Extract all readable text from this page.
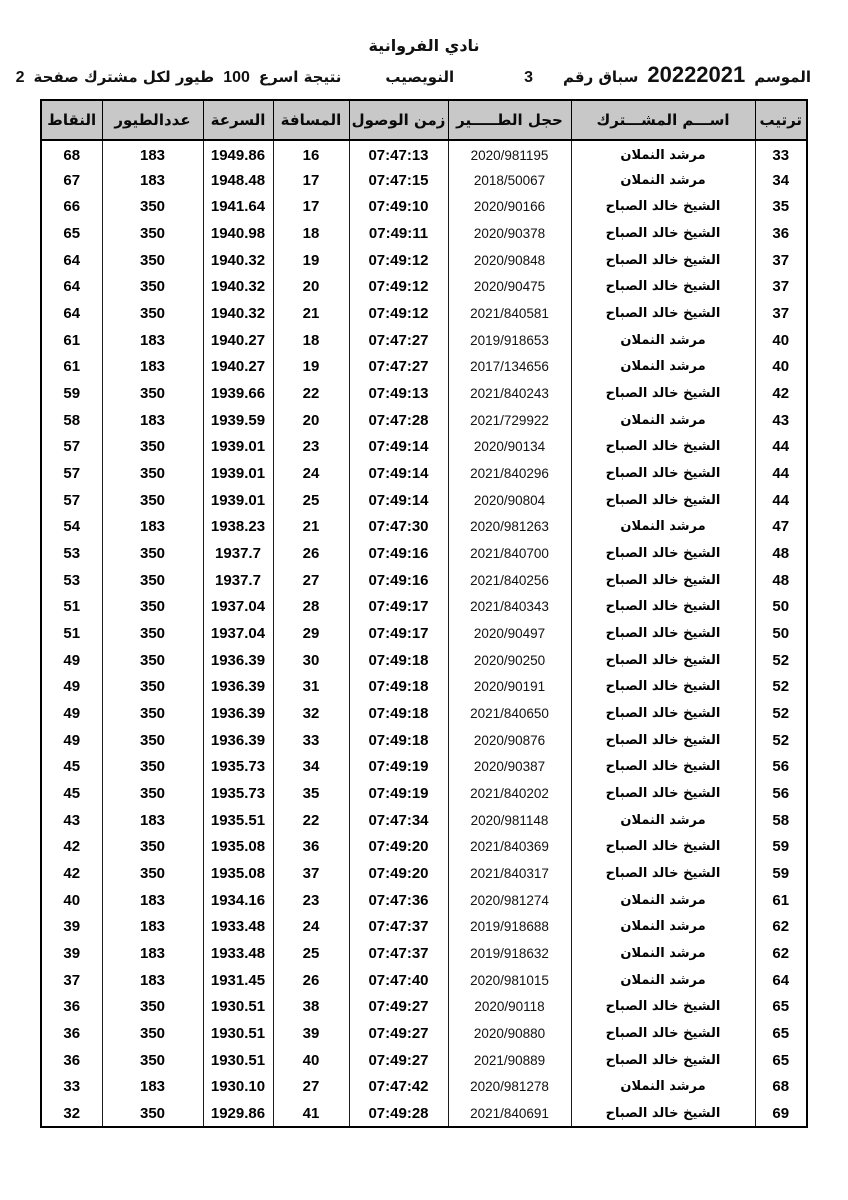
نادي الفروانية
الموسم
20222021
سباق رقم
3
النويصيب
نتيجة اسرع
100
طيور لكل مشترك صفحة
2
ترتيب	اســـم المشـــترك	حجل الطـــــير	زمن الوصول	المسافة	السرعة	عددالطيور	النقاط
33	مرشد النملان	2020/981195	07:47:13	16	1949.86	183	68
34	مرشد النملان	2018/50067	07:47:15	17	1948.48	183	67
35	الشيخ خالد الصباح	2020/90166	07:49:10	17	1941.64	350	66
36	الشيخ خالد الصباح	2020/90378	07:49:11	18	1940.98	350	65
37	الشيخ خالد الصباح	2020/90848	07:49:12	19	1940.32	350	64
37	الشيخ خالد الصباح	2020/90475	07:49:12	20	1940.32	350	64
37	الشيخ خالد الصباح	2021/840581	07:49:12	21	1940.32	350	64
40	مرشد النملان	2019/918653	07:47:27	18	1940.27	183	61
40	مرشد النملان	2017/134656	07:47:27	19	1940.27	183	61
42	الشيخ خالد الصباح	2021/840243	07:49:13	22	1939.66	350	59
43	مرشد النملان	2021/729922	07:47:28	20	1939.59	183	58
44	الشيخ خالد الصباح	2020/90134	07:49:14	23	1939.01	350	57
44	الشيخ خالد الصباح	2021/840296	07:49:14	24	1939.01	350	57
44	الشيخ خالد الصباح	2020/90804	07:49:14	25	1939.01	350	57
47	مرشد النملان	2020/981263	07:47:30	21	1938.23	183	54
48	الشيخ خالد الصباح	2021/840700	07:49:16	26	1937.7	350	53
48	الشيخ خالد الصباح	2021/840256	07:49:16	27	1937.7	350	53
50	الشيخ خالد الصباح	2021/840343	07:49:17	28	1937.04	350	51
50	الشيخ خالد الصباح	2020/90497	07:49:17	29	1937.04	350	51
52	الشيخ خالد الصباح	2020/90250	07:49:18	30	1936.39	350	49
52	الشيخ خالد الصباح	2020/90191	07:49:18	31	1936.39	350	49
52	الشيخ خالد الصباح	2021/840650	07:49:18	32	1936.39	350	49
52	الشيخ خالد الصباح	2020/90876	07:49:18	33	1936.39	350	49
56	الشيخ خالد الصباح	2020/90387	07:49:19	34	1935.73	350	45
56	الشيخ خالد الصباح	2021/840202	07:49:19	35	1935.73	350	45
58	مرشد النملان	2020/981148	07:47:34	22	1935.51	183	43
59	الشيخ خالد الصباح	2021/840369	07:49:20	36	1935.08	350	42
59	الشيخ خالد الصباح	2021/840317	07:49:20	37	1935.08	350	42
61	مرشد النملان	2020/981274	07:47:36	23	1934.16	183	40
62	مرشد النملان	2019/918688	07:47:37	24	1933.48	183	39
62	مرشد النملان	2019/918632	07:47:37	25	1933.48	183	39
64	مرشد النملان	2020/981015	07:47:40	26	1931.45	183	37
65	الشيخ خالد الصباح	2020/90118	07:49:27	38	1930.51	350	36
65	الشيخ خالد الصباح	2020/90880	07:49:27	39	1930.51	350	36
65	الشيخ خالد الصباح	2021/90889	07:49:27	40	1930.51	350	36
68	مرشد النملان	2020/981278	07:47:42	27	1930.10	183	33
69	الشيخ خالد الصباح	2021/840691	07:49:28	41	1929.86	350	32
